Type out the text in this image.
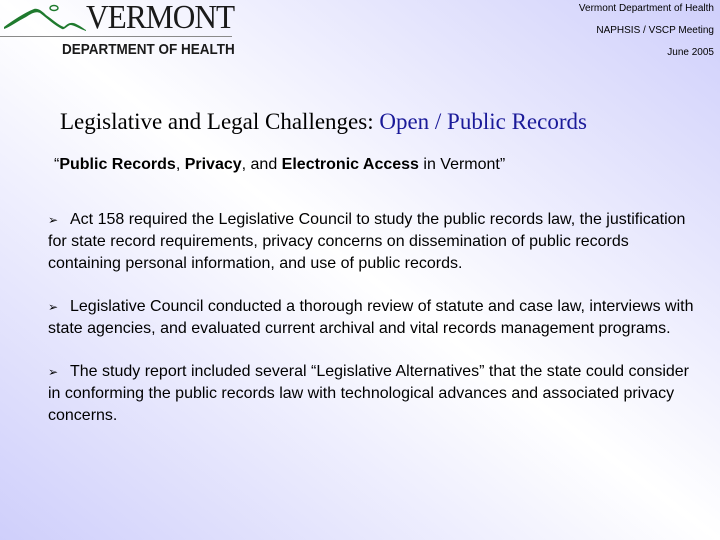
VERMONT
DEPARTMENT OF HEALTH
Vermont Department of Health
NAPHSIS / VSCP Meeting
June 2005
Legislative and Legal Challenges: Open / Public Records
“Public Records, Privacy, and Electronic Access in Vermont”
➢ Act 158 required the Legislative Council to study the public records law, the justification for state record requirements, privacy concerns on dissemination of public records containing personal information, and use of public records.
➢ Legislative Council conducted a thorough review of statute and case law, interviews with state agencies, and evaluated current archival and vital records management programs.
➢ The study report included several “Legislative Alternatives” that the state could consider in conforming the public records law with technological advances and associated privacy concerns.
